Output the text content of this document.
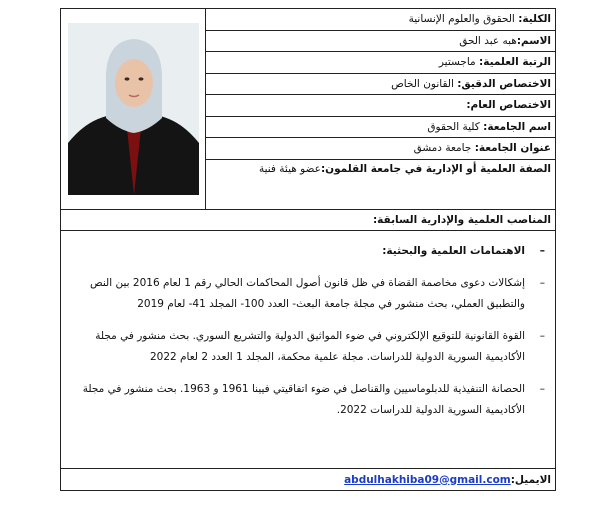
الكلية: الحقوق والعلوم الإنسانية	

الاسم:هبه عبد الحق
الرتبة العلمية: ماجستير
الاختصاص الدقيق: القانون الخاص
الاختصاص العام:
اسم الجامعة: كلية الحقوق
عنوان الجامعة: جامعة دمشق
الصفة العلمية أو الإدارية في جامعة القلمون:عضو هيئة فنية
المناصب العلمية والإدارية السابقة:

– الاهتمامات العلمية والبحثية:
– إشكالات دعوى مخاصمة القضاة في ظل قانون أصول المحاكمات الحالي رقم 1 لعام 2016 بين النص
والتطبيق العملي، بحث منشور في مجلة جامعة البعث- العدد 100- المجلد 41- لعام 2019
– القوة القانونية للتوقيع الإلكتروني في ضوء المواثيق الدولية والتشريع السوري. بحث منشور في مجلة
الأكاديمية السورية الدولية للدراسات. مجلة علمية محكمة، المجلد 1 العدد 2 لعام 2022
– الحصانة التنفيذية للدبلوماسيين والقناصل في ضوء اتفاقيتي فيينا 1961 و 1963. بحث منشور في مجلة
الأكاديمية السورية الدولية للدراسات 2022.

الايميل:abdulhakhiba09@gmail.com
